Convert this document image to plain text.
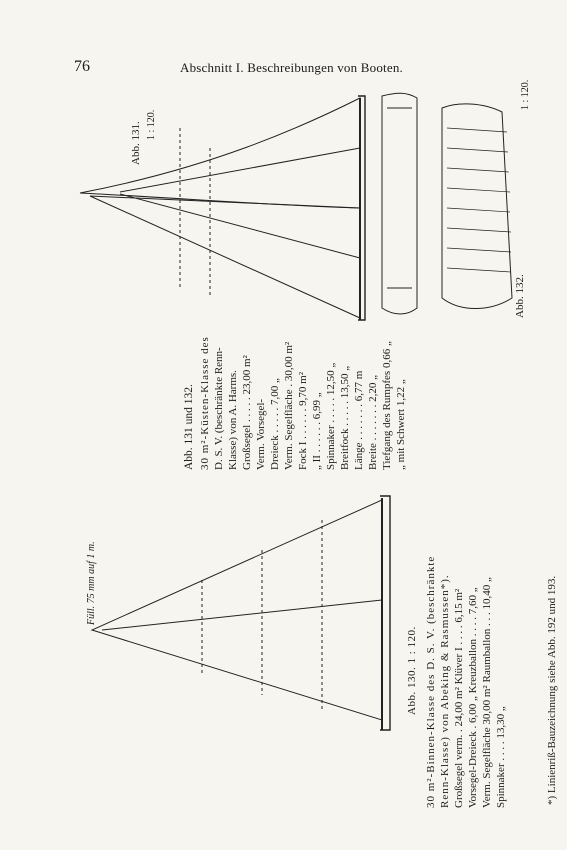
76	Abschnitt I. Beschreibungen von Booten.
Abb. 131. 1 : 120.
Abb. 132.
1 : 120.
Füll. 75 mm auf 1 m.
Abb. 131 und 132. 30 m²-Küsten-Klasse des D. S. V. (beschränkte Renn- Klasse) von A. Harms. Großsegel . . . . . 23,00 m² Verm. Vorsegel- Dreieck . . . . . 7,00 „ Verm. Segelfläche . 30,00 m² Fock I . . . . . . 9,70 m² „ II . . . . . . 6,99 „ Spinnaker . . . . . 12,50 „ Breitfock . . . . . 13,50 „ Länge . . . . . . . 6,77 m Breite . . . . . . . 2,20 „ Tiefgang des Rumpfes 0,66 „ „ mit Schwert 1,22 „
Abb. 130. 1 : 120. 30 m²-Binnen-Klasse des D. S. V. (beschränkte Renn-Klasse) von Abeking & Rasmussen*). Großsegel verm. . 24,00 m² Klüver I . . . . 6,15 m² Vorsegel-Dreieck . 6,00 „ Kreuzballon . . . . 7,60 „ Verm. Segelfläche 30,00 m² Raumballon . . . 10,40 „ Spinnaker . . . . 13,30 „	*) Linienriß-Bauzeichnung siehe Abb. 192 und 193.
